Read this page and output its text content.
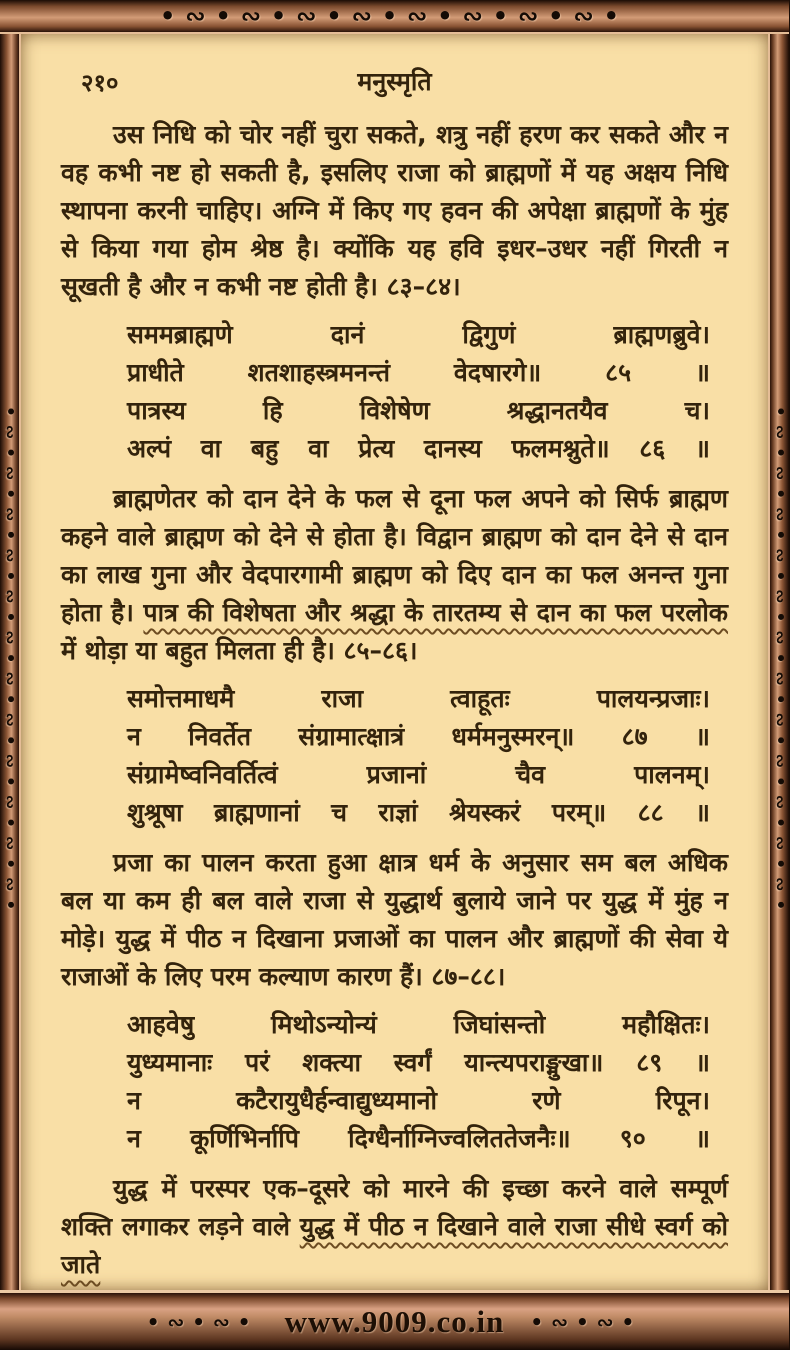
•∾•∾•∾•∾•∾•∾•∾•∾•
•∾•∾•∾•∾•∾•∾•∾•∾•∾•∾•∾•∾•
२१०	मनुस्मृति

उस निधि को चोर नहीं चुरा सकते, शत्रु नहीं हरण कर सकते और न वह कभी नष्ट हो सकती है, इसलिए राजा को ब्राह्मणों में यह अक्षय निधि स्थापना करनी चाहिए। अग्नि में किए गए हवन की अपेक्षा ब्राह्मणों के मुंह से किया गया होम श्रेष्ठ है। क्योंकि यह हवि इधर–उधर नहीं गिरती न सूखती है और न कभी नष्ट होती है। ८३–८४।

सममब्राह्मणे दानं द्विगुणं ब्राह्मणब्रुवे।
प्राधीते शतशाहस्त्रमनन्तं वेदषारगे॥ ८५ ॥
पात्रस्य हि विशेषेण श्रद्धानतयैव च।
अल्पं वा बहु वा प्रेत्य दानस्य फलमश्नुते॥ ८६ ॥

ब्राह्मणेतर को दान देने के फल से दूना फल अपने को सिर्फ ब्राह्मण कहने वाले ब्राह्मण को देने से होता है। विद्वान ब्राह्मण को दान देने से दान का लाख गुना और वेदपारगामी ब्राह्मण को दिए दान का फल अनन्त गुना होता है। पात्र की विशेषता और श्रद्धा के तारतम्य से दान का फल परलोक में थोड़ा या बहुत मिलता ही है। ८५–८६।

समोत्तमाधमै राजा त्वाहूतः पालयन्प्रजाः।
न निवर्तेत संग्रामात्क्षात्रं धर्ममनुस्मरन्॥ ८७ ॥
संग्रामेष्वनिवर्तित्वं प्रजानां चैव पालनम्।
शुश्रूषा ब्राह्मणानां च राज्ञां श्रेयस्करं परम्॥ ८८ ॥

प्रजा का पालन करता हुआ क्षात्र धर्म के अनुसार सम बल अधिक बल या कम ही बल वाले राजा से युद्धार्थ बुलाये जाने पर युद्ध में मुंह न मोड़े। युद्ध में पीठ न दिखाना प्रजाओं का पालन और ब्राह्मणों की सेवा ये राजाओं के लिए परम कल्याण कारण हैं। ८७–८८।

आहवेषु मिथोऽन्योन्यं जिघांसन्तो महौक्षितः।
युध्यमानाः परं शक्त्या स्वर्गं यान्त्यपराङ्मुखा॥ ८९ ॥
न कटैरायुधैर्हन्वाद्युध्यमानो रणे रिपून।
न कूर्णिभिर्नापि दिग्धैर्नाग्निज्वलिततेजनैः॥ ९० ॥

युद्ध में परस्पर एक–दूसरे को मारने की इच्छा करने वाले सम्पूर्ण शक्ति लगाकर लड़ने वाले युद्ध में पीठ न दिखाने वाले राजा सीधे स्वर्ग को जाते

•∾•∾•∾•∾•∾•∾•∾•∾•∾•∾•∾•∾•
•∾•∾• www.9009.co.in •∾•∾•
